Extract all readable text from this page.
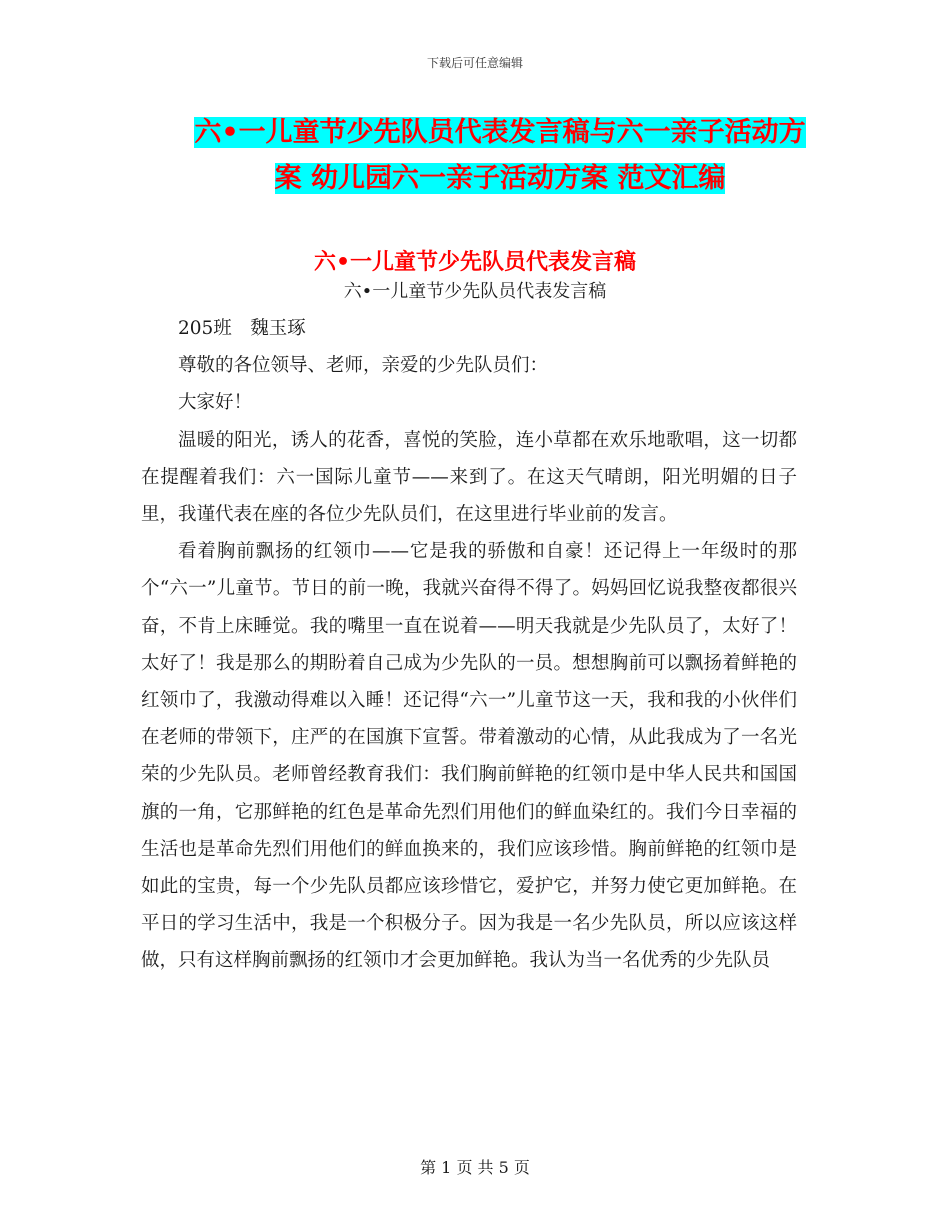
下载后可任意编辑
六•一儿童节少先队员代表发言稿与六一亲子活动方
案 幼儿园六一亲子活动方案 范文汇编
六•一儿童节少先队员代表发言稿
六•一儿童节少先队员代表发言稿

205班　魏玉琢

尊敬的各位领导、老师，亲爱的少先队员们：

大家好！

温暖的阳光，诱人的花香，喜悦的笑脸，连小草都在欢乐地歌唱，这一切都在提醒着我们：六一国际儿童节——来到了。在这天气晴朗，阳光明媚的日子里，我谨代表在座的各位少先队员们，在这里进行毕业前的发言。

看着胸前飘扬的红领巾——它是我的骄傲和自豪！还记得上一年级时的那个“六一”儿童节。节日的前一晚，我就兴奋得不得了。妈妈回忆说我整夜都很兴奋，不肯上床睡觉。我的嘴里一直在说着——明天我就是少先队员了，太好了！太好了！我是那么的期盼着自己成为少先队的一员。想想胸前可以飘扬着鲜艳的红领巾了，我激动得难以入睡！还记得“六一”儿童节这一天，我和我的小伙伴们在老师的带领下，庄严的在国旗下宣誓。带着激动的心情，从此我成为了一名光荣的少先队员。老师曾经教育我们：我们胸前鲜艳的红领巾是中华人民共和国国旗的一角，它那鲜艳的红色是革命先烈们用他们的鲜血染红的。我们今日幸福的生活也是革命先烈们用他们的鲜血换来的，我们应该珍惜。胸前鲜艳的红领巾是如此的宝贵，每一个少先队员都应该珍惜它，爱护它，并努力使它更加鲜艳。在平日的学习生活中，我是一个积极分子。因为我是一名少先队员，所以应该这样做，只有这样胸前飘扬的红领巾才会更加鲜艳。我认为当一名优秀的少先队员

第 1 页 共 5 页
